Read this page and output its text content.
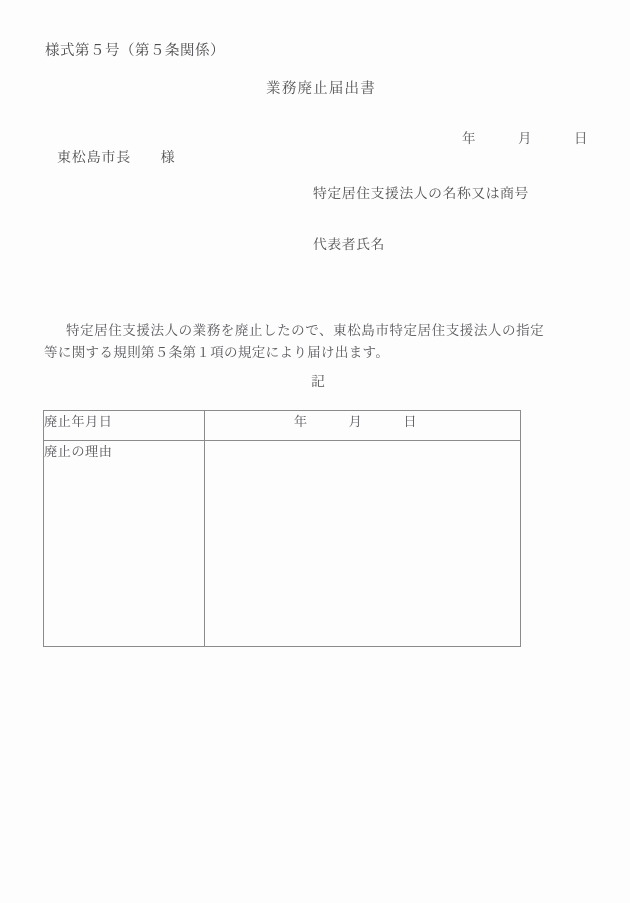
様式第５号（第５条関係）
業務廃止届出書
年　　　月　　　日
東松島市長　　様
特定居住支援法人の名称又は商号
代表者氏名
特定居住支援法人の業務を廃止したので、東松島市特定居住支援法人の指定等に関する規則第５条第１項の規定により届け出ます。
記
廃止年月日	年　　　月　　　日
廃止の理由	
